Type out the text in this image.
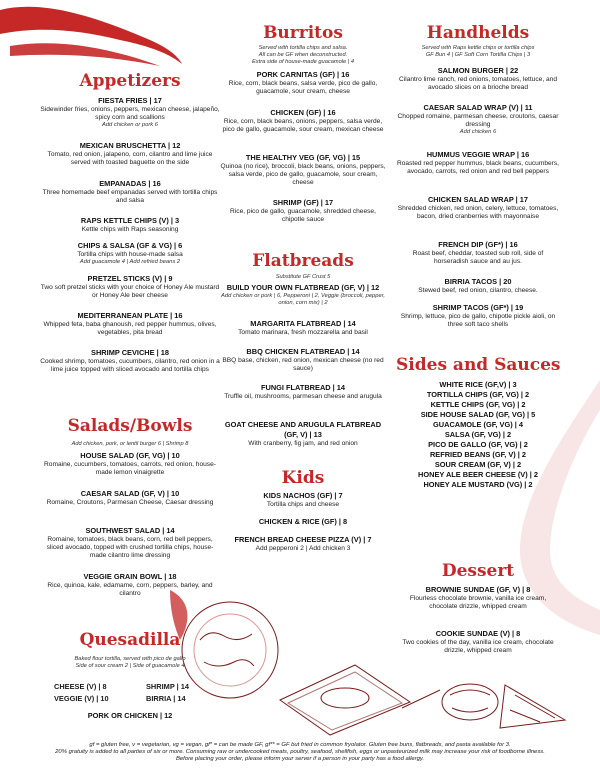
Appetizers
FIESTA FRIES | 17
Sidewinder fries, onions, peppers, mexican cheese, jalapeño, spicy corn and scallions
Add chicken or pork 6
MEXICAN BRUSCHETTA | 12
Tomato, red onion, jalapeno, corn, cilantro and lime juice served with toasted baguette on the side
EMPANADAS | 16
Three homemade beef empanadas served with tortilla chips and salsa
RAPS KETTLE CHIPS (V) | 3
Kettle chips with Raps seasoning
CHIPS & SALSA (GF & VG) | 6
Tortilla chips with house-made salsa
Add guacamole 4 | Add refried beans 2
PRETZEL STICKS (V) | 9
Two soft pretzel sticks with your choice of Honey Ale mustard or Honey Ale beer cheese
MEDITERRANEAN PLATE | 16
Whipped feta, baba ghanoush, red pepper hummus, olives, vegetables, pita bread
SHRIMP CEVICHE | 18
Cooked shrimp, tomatoes, cucumbers, cilantro, red onion in a lime juice topped with sliced avocado and tortilla chips
Salads/Bowls
Add chicken, pork, or lentil burger 6 | Shrimp 8
HOUSE SALAD (GF, VG) | 10
Romaine, cucumbers, tomatoes, carrots, red onion, house-made lemon vinaigrette
CAESAR SALAD (GF, V) | 10
Romaine, Croutons, Parmesan Cheese, Caesar dressing
SOUTHWEST SALAD | 14
Romaine, tomatoes, black beans, corn, red bell peppers, sliced avocado, topped with crushed tortilla chips, house-made cilantro lime dressing
VEGGIE GRAIN BOWL | 18
Rice, quinoa, kale, edamame, corn, peppers, barley, and cilantro
Quesadilla
Baked flour tortilla, served with pico de gallo
Side of sour cream 2 | Side of guacamole 4
CHEESE (V) | 8
VEGGIE (V) | 10
SHRIMP | 14
BIRRIA | 14
PORK OR CHICKEN | 12
Burritos
Served with tortilla chips and salsa.
All can be GF when deconstructed.
Extra side of house-made guacamole | 4
PORK CARNITAS (GF) | 16
Rice, corn, black beans, salsa verde, pico de gallo, guacamole, sour cream, cheese
CHICKEN (GF) | 16
Rice, corn, black beans, onions, peppers, salsa verde, pico de gallo, guacamole, sour cream, mexican cheese
THE HEALTHY VEG (GF, VG) | 15
Quinoa (no rice), broccoli, black beans, onions, peppers, salsa verde, pico de gallo, guacamole, sour cream, cheese
SHRIMP (GF) | 17
Rice, pico de gallo, guacamole, shredded cheese, chipotle sauce
Flatbreads
Substitute GF Crust 5
BUILD YOUR OWN FLATBREAD (GF, V) | 12
Add chicken or pork | 6, Pepperoni | 2, Veggie (broccoli, pepper, onion, corn mix) | 2
MARGARITA FLATBREAD | 14
Tomato marinara, fresh mozzarella and basil
BBQ CHICKEN FLATBREAD | 14
BBQ base, chicken, red onion, mexican cheese (no red sauce)
FUNGI FLATBREAD | 14
Truffle oil, mushrooms, parmesan cheese and arugula
GOAT CHEESE AND ARUGULA FLATBREAD (GF, V) | 13
With cranberry, fig jam, and red onion
Kids
KIDS NACHOS (GF) | 7
Tortilla chips and cheese
CHICKEN & RICE (GF) | 8
FRENCH BREAD CHEESE PIZZA (V) | 7
Add pepperoni 2 | Add chicken 3
Handhelds
Served with Raps kettle chips or tortilla chips
GF Bun 4 | GF Soft Corn Tortilla Chips | 3
SALMON BURGER | 22
Cilantro lime ranch, red onions, tomatoes, lettuce, and avocado slices on a brioche bread
CAESAR SALAD WRAP (V) | 11
Chopped romaine, parmesan cheese, croutons, caesar dressing
Add chicken 6
HUMMUS VEGGIE WRAP | 16
Roasted red pepper hummus, black beans, cucumbers, avocado, carrots, red onion and red bell peppers
CHICKEN SALAD WRAP | 17
Shredded chicken, red onion, celery, lettuce, tomatoes, bacon, dried cranberries with mayonnaise
FRENCH DIP (GF*) | 16
Roast beef, cheddar, toasted sub roll, side of horseradish sauce and au jus.
BIRRIA TACOS | 20
Stewed beef, red onion, cilantro, cheese.
SHRIMP TACOS (GF*) | 19
Shrimp, lettuce, pico de gallo, chipotle pickle aioli, on three soft taco shells
Sides and Sauces
WHITE RICE (GF,V) | 3
TORTILLA CHIPS (GF, VG) | 2
KETTLE CHIPS (GF, VG) | 2
SIDE HOUSE SALAD (GF, VG) | 5
GUACAMOLE (GF, VG) | 4
SALSA (GF, VG) | 2
PICO DE GALLO (GF, VG) | 2
REFRIED BEANS (GF, V) | 2
SOUR CREAM (GF, V) | 2
HONEY ALE BEER CHEESE (V) | 2
HONEY ALE MUSTARD (VG) | 2
Dessert
BROWNIE SUNDAE (GF, V) | 8
Flourless chocolate brownie, vanilla ice cream, chocolate drizzle, whipped cream
COOKIE SUNDAE (V) | 8
Two cookies of the day, vanilla ice cream, chocolate drizzle, whipped cream
gf = gluten free, v = vegetarian, vg = vegan, gf* = can be made GF, gf** = GF but fried in common fryolator. Gluten free buns, flatbreads, and pasta available for 3.
20% gratuity is added to all parties of six or more. Consuming raw or undercooked meats, poultry, seafood, shellfish, eggs or unpasteurized milk may increase your risk of foodborne illness.
Before placing your order, please inform your server if a person in your party has a food allergy.
